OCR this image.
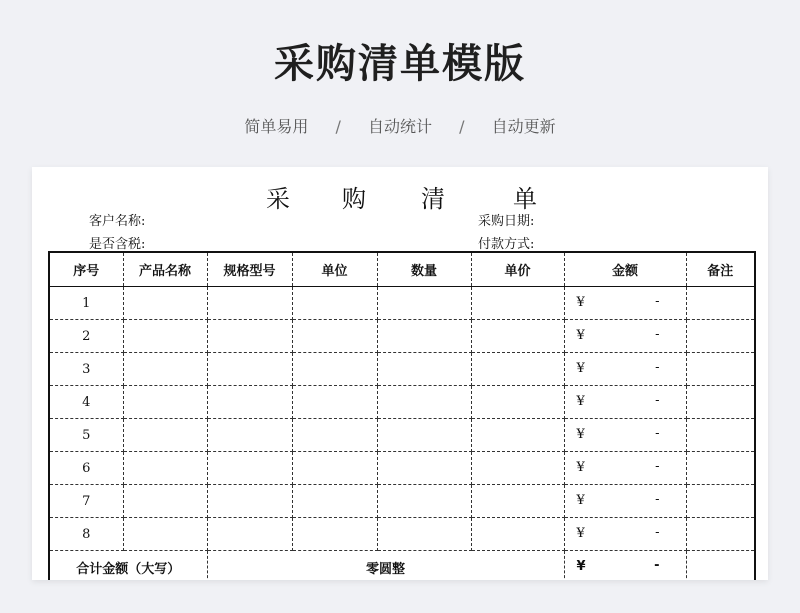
采购清单模版
简单易用 / 自动统计 / 自动更新
采 购 清	单
客户名称:
是否含税:
采购日期:
付款方式:
序号	产品名称	规格型号	单位	数量	单价	金额	备注
1						¥ -	

2						¥ -	

3						¥ -	

4						¥ -	

5						¥ -	

6						¥ -	

7						¥ -	

8						¥ -	

合计金额（大写）		零圆整				¥ -	
